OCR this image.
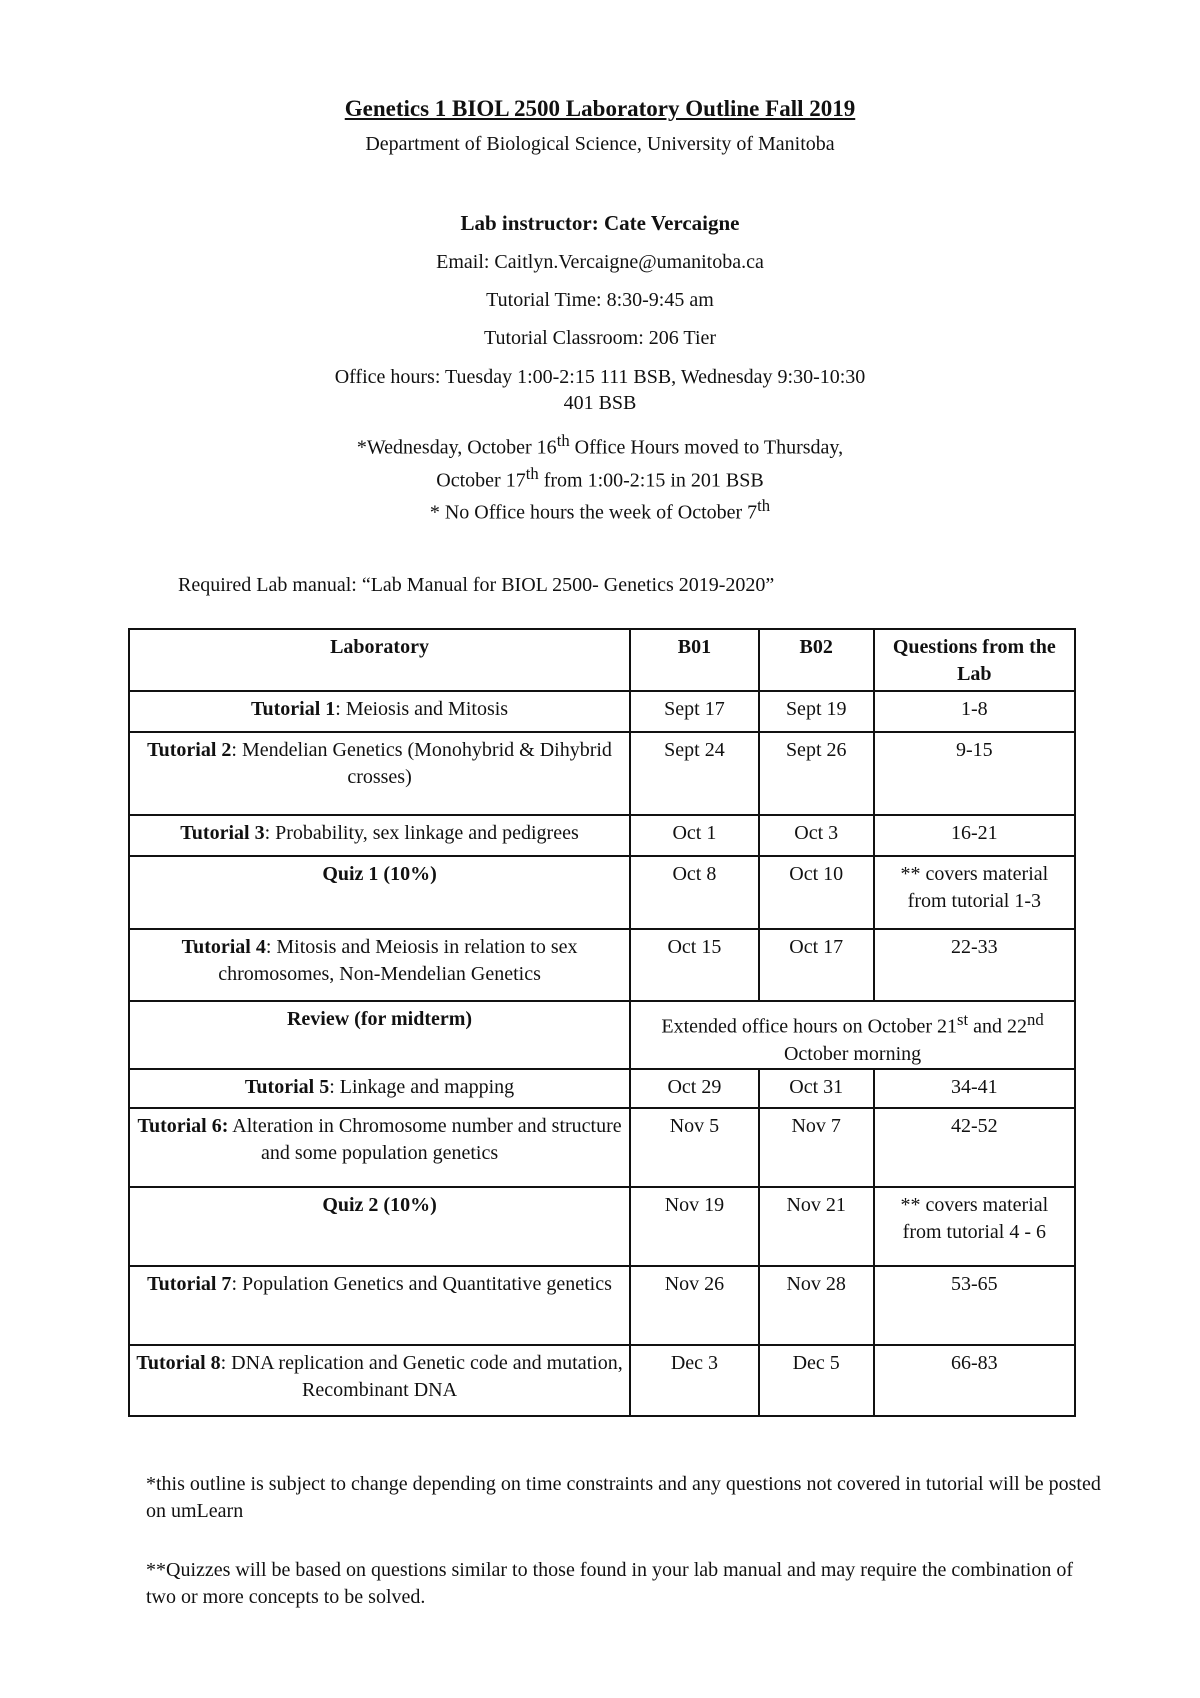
Genetics 1 BIOL 2500 Laboratory Outline Fall 2019
Department of Biological Science, University of Manitoba
Lab instructor: Cate Vercaigne
Email: Caitlyn.Vercaigne@umanitoba.ca
Tutorial Time: 8:30-9:45 am
Tutorial Classroom: 206 Tier
Office hours: Tuesday 1:00-2:15 111 BSB, Wednesday 9:30-10:30
401 BSB
*Wednesday, October 16th Office Hours moved to Thursday,
October 17th from 1:00-2:15 in 201 BSB
* No Office hours the week of October 7th
Required Lab manual: “Lab Manual for BIOL 2500- Genetics 2019-2020”
Laboratory	B01	B02	Questions from the Lab
Tutorial 1: Meiosis and Mitosis	Sept 17	Sept 19	1-8
Tutorial 2: Mendelian Genetics (Monohybrid & Dihybrid crosses)	Sept 24	Sept 26	9-15
Tutorial 3: Probability, sex linkage and pedigrees	Oct 1	Oct 3	16-21
Quiz 1 (10%)	Oct 8	Oct 10	** covers material from tutorial 1-3
Tutorial 4: Mitosis and Meiosis in relation to sex chromosomes, Non-Mendelian Genetics	Oct 15	Oct 17	22-33
Review (for midterm)	Extended office hours on October 21st and 22nd October morning		
Tutorial 5: Linkage and mapping	Oct 29	Oct 31	34-41
Tutorial 6: Alteration in Chromosome number and structure and some population genetics	Nov 5	Nov 7	42-52
Quiz 2 (10%)	Nov 19	Nov 21	** covers material from tutorial 4 - 6
Tutorial 7: Population Genetics and Quantitative genetics	Nov 26	Nov 28	53-65
Tutorial 8: DNA replication and Genetic code and mutation, Recombinant DNA	Dec 3	Dec 5	66-83
*this outline is subject to change depending on time constraints and any questions not covered in tutorial will be posted on umLearn
**Quizzes will be based on questions similar to those found in your lab manual and may require the combination of two or more concepts to be solved.
